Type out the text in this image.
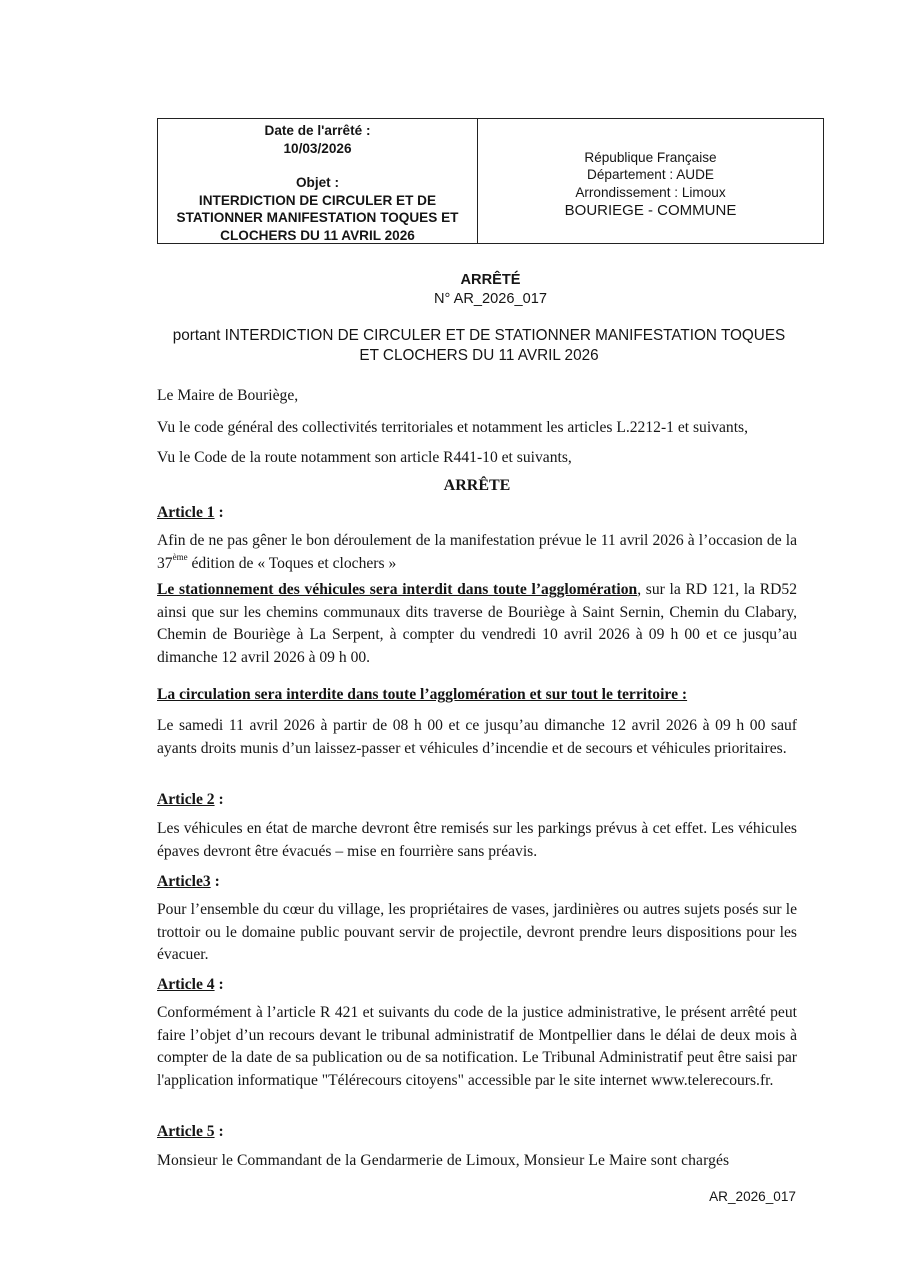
Date de l'arrêté :
10/03/2026
Objet :
INTERDICTION DE CIRCULER ET DE
STATIONNER MANIFESTATION TOQUES ET
CLOCHERS DU 11 AVRIL 2026
République Française
Département : AUDE
Arrondissement : Limoux
BOURIEGE - COMMUNE
ARRÊTÉ
N° AR_2026_017
portant INTERDICTION DE CIRCULER ET DE STATIONNER MANIFESTATION TOQUES
ET CLOCHERS DU 11 AVRIL 2026
Le Maire de Bouriège,
Vu le code général des collectivités territoriales et notamment les articles L.2212-1 et suivants,
Vu le Code de la route notamment son article R441-10 et suivants,
ARRÊTE
Article 1 :
Afin de ne pas gêner le bon déroulement de la manifestation prévue le 11 avril 2026 à l’occasion de la 37ème édition de « Toques et clochers »
Le stationnement des véhicules sera interdit dans toute l’agglomération, sur la RD 121, la RD52 ainsi que sur les chemins communaux dits traverse de Bouriège à Saint Sernin, Chemin du Clabary, Chemin de Bouriège à La Serpent, à compter du vendredi 10 avril 2026 à 09 h 00 et ce jusqu’au dimanche 12 avril 2026 à 09 h 00.
La circulation sera interdite dans toute l’agglomération et sur tout le territoire :
Le samedi 11 avril 2026 à partir de 08 h 00 et ce jusqu’au dimanche 12 avril 2026 à 09 h 00 sauf ayants droits munis d’un laissez-passer et véhicules d’incendie et de secours et véhicules prioritaires.
Article 2 :
Les véhicules en état de marche devront être remisés sur les parkings prévus à cet effet. Les véhicules épaves devront être évacués – mise en fourrière sans préavis.
Article3 :
Pour l’ensemble du cœur du village, les propriétaires de vases, jardinières ou autres sujets posés sur le trottoir ou le domaine public pouvant servir de projectile, devront prendre leurs dispositions pour les évacuer.
Article 4 :
Conformément à l’article R 421 et suivants du code de la justice administrative, le présent arrêté peut faire l’objet d’un recours devant le tribunal administratif de Montpellier dans le délai de deux mois à compter de la date de sa publication ou de sa notification. Le Tribunal Administratif peut être saisi par l'application informatique "Télérecours citoyens" accessible par le site internet www.telerecours.fr.
Article 5 :
Monsieur le Commandant de la Gendarmerie de Limoux, Monsieur Le Maire sont chargés
AR_2026_017
